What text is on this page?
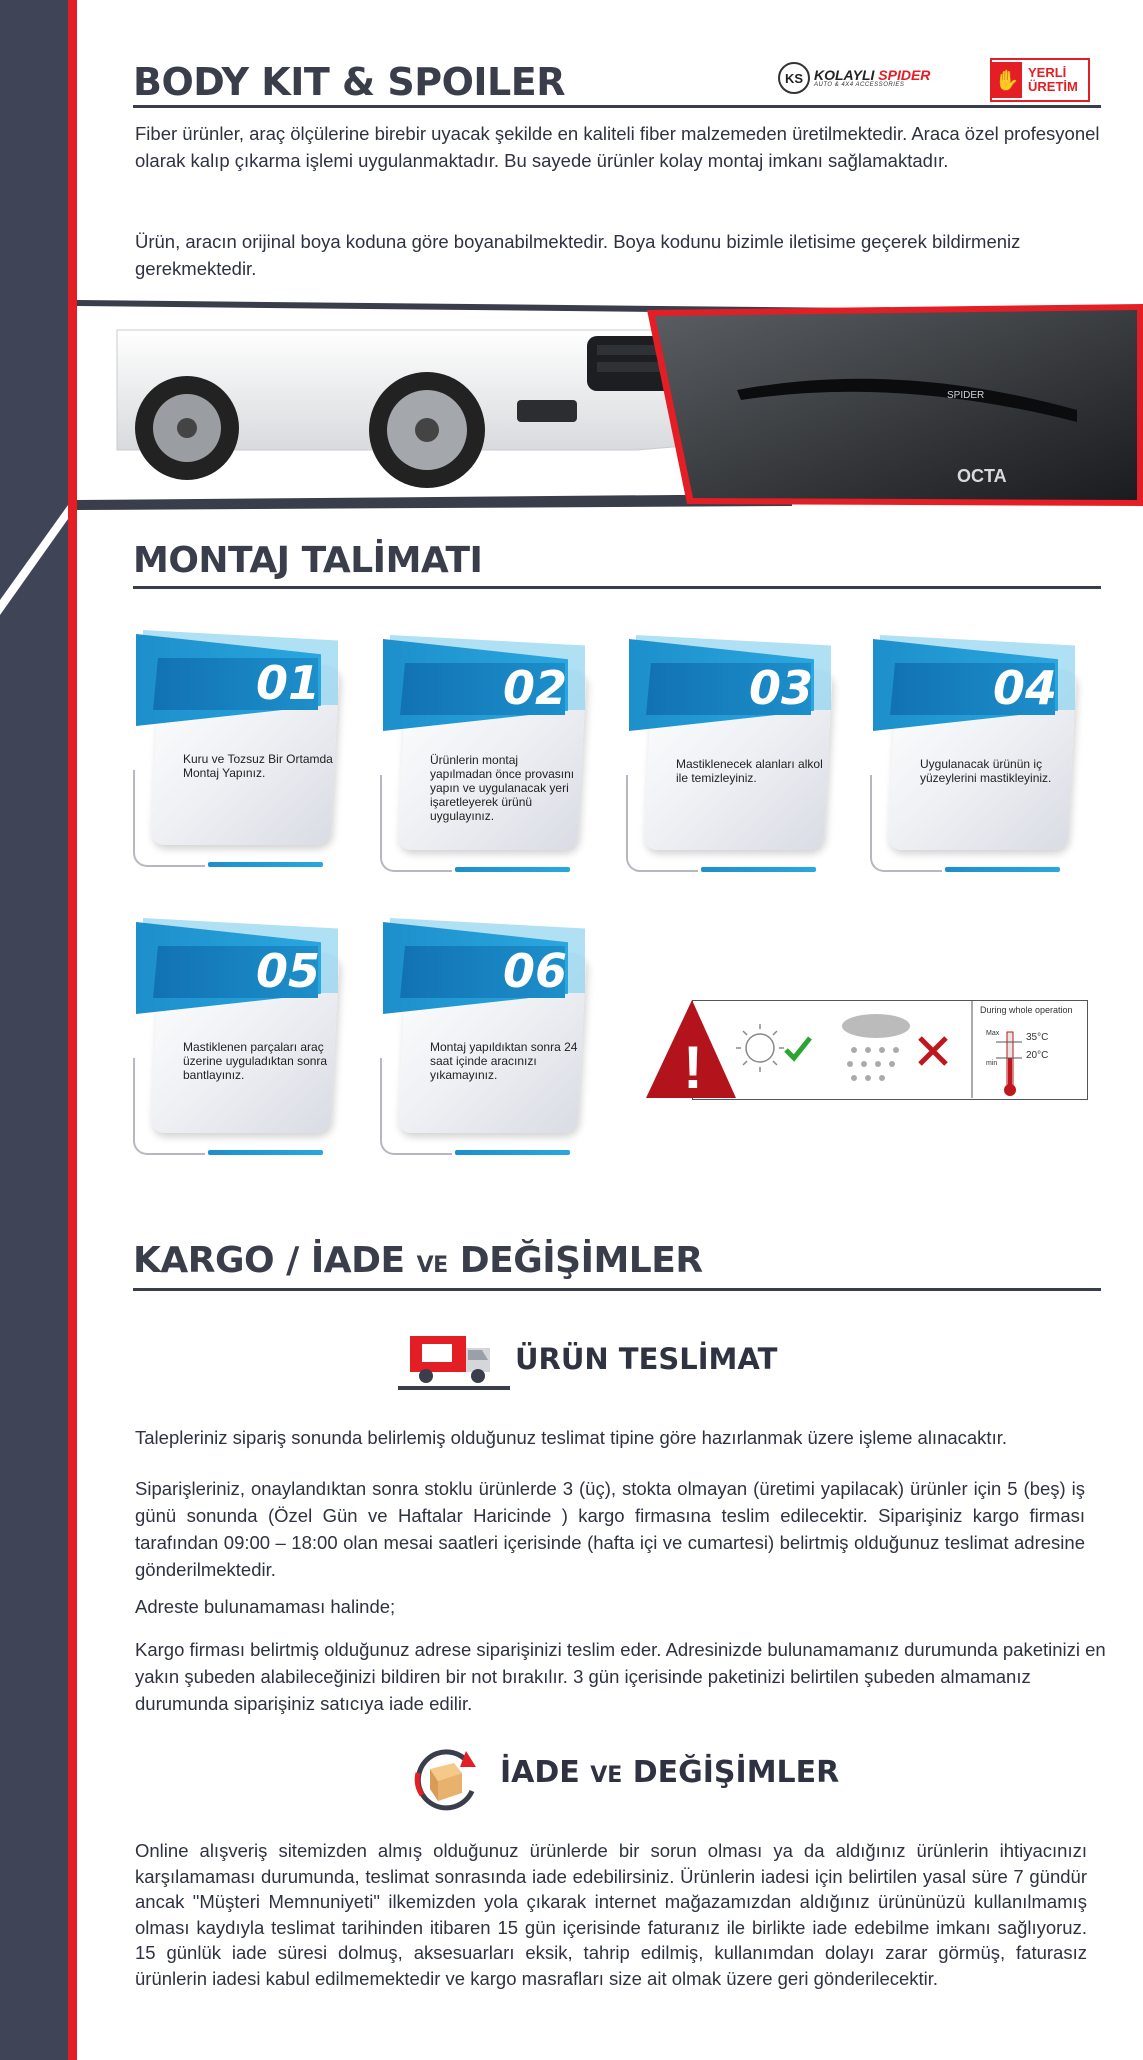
BODY KIT & SPOILER	KS KOLAYLI SPIDER
AUTO & 4X4 ACCESSORIES	✋ YERLİ
ÜRETİM
Fiber ürünler, araç ölçülerine birebir uyacak şekilde en kaliteli fiber malzemeden üretilmektedir. Araca özel profesyonel olarak kalıp çıkarma işlemi uygulanmaktadır. Bu sayede ürünler kolay montaj imkanı sağlamaktadır.
Ürün, aracın orijinal boya koduna göre boyanabilmektedir. Boya kodunu bizimle iletisime geçerek bildirmeniz gerekmektedir.
SPIDER
OCTA
MONTAJ TALİMATI
01
Kuru ve Tozsuz Bir Ortamda Montaj Yapınız.
02
Ürünlerin montaj yapılmadan önce provasını yapın ve uygulanacak yeri işaretleyerek ürünü uygulayınız.
03
Mastiklenecek alanları alkol ile temizleyiniz.
04
Uygulanacak ürünün iç yüzeylerini mastikleyiniz.
05
Mastiklenen parçaları araç üzerine uyguladıktan sonra bantlayınız.
06
Montaj yapıldıktan sonra 24 saat içinde aracınızı yıkamayınız.	!
During whole operation
Max
min
35°C
20°C
KARGO / İADE VE DEĞİŞİMLER
ÜRÜN TESLİMAT
Talepleriniz sipariş sonunda belirlemiş olduğunuz teslimat tipine göre hazırlanmak üzere işleme alınacaktır.
Siparişleriniz, onaylandıktan sonra stoklu ürünlerde 3 (üç), stokta olmayan (üretimi yapilacak) ürünler için 5 (beş) iş günü sonunda (Özel Gün ve Haftalar Haricinde ) kargo firmasına teslim edilecektir. Siparişiniz kargo firması tarafından 09:00 – 18:00 olan mesai saatleri içerisinde (hafta içi ve cumartesi) belirtmiş olduğunuz teslimat adresine gönderilmektedir.
Adreste bulunamaması halinde;
Kargo firması belirtmiş olduğunuz adrese siparişinizi teslim eder. Adresinizde bulunamamanız durumunda paketinizi en yakın şubeden alabileceğinizi bildiren bir not bırakılır. 3 gün içerisinde paketinizi belirtilen şubeden almamanız durumunda siparişiniz satıcıya iade edilir.
İADE VE DEĞİŞİMLER
Online alışveriş sitemizden almış olduğunuz ürünlerde bir sorun olması ya da aldığınız ürünlerin ihtiyacınızı karşılamaması durumunda, teslimat sonrasında iade edebilirsiniz. Ürünlerin iadesi için belirtilen yasal süre 7 gündür ancak "Müşteri Memnuniyeti" ilkemizden yola çıkarak internet mağazamızdan aldığınız ürününüzü kullanılmamış olması kaydıyla teslimat tarihinden itibaren 15 gün içerisinde faturanız ile birlikte iade edebilme imkanı sağlıyoruz. 15 günlük iade süresi dolmuş, aksesuarları eksik, tahrip edilmiş, kullanımdan dolayı zarar görmüş, faturasız ürünlerin iadesi kabul edilmemektedir ve kargo masrafları size ait olmak üzere geri gönderilecektir.
